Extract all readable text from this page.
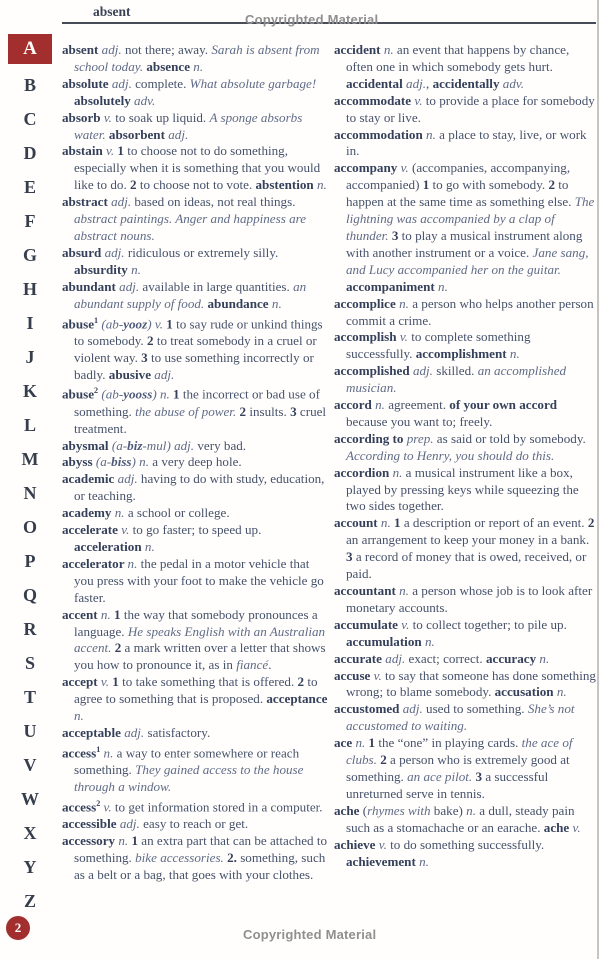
absent
Copyrighted Material
A
B
C
D
E
F
G
H
I
J
K
L
M
N
O
P
Q
R
S
T
U
V
W
X
Y
Z

absent adj. not there; away. Sarah is absent from school today. absence n.

absolute adj. complete. What absolute garbage! absolutely adv.

absorb v. to soak up liquid. A sponge absorbs water. absorbent adj.

abstain v. 1 to choose not to do something, especially when it is something that you would like to do. 2 to choose not to vote. abstention n.

abstract adj. based on ideas, not real things. abstract paintings. Anger and happiness are abstract nouns.

absurd adj. ridiculous or extremely silly. absurdity n.

abundant adj. available in large quantities. an abundant supply of food. abundance n.

abuse$^1$ (ab-yooz) v. 1 to say rude or unkind things to somebody. 2 to treat somebody in a cruel or violent way. 3 to use something incorrectly or badly. abusive adj.

abuse$^2$ (ab-yooss) n. 1 the incorrect or bad use of something. the abuse of power. 2 insults. 3 cruel treatment.

abysmal (a-biz-mul) adj. very bad.

abyss (a-biss) n. a very deep hole.

academic adj. having to do with study, education, or teaching.

academy n. a school or college.

accelerate v. to go faster; to speed up. acceleration n.

accelerator n. the pedal in a motor vehicle that you press with your foot to make the vehicle go faster.

accent n. 1 the way that somebody pronounces a language. He speaks English with an Australian accent. 2 a mark written over a letter that shows you how to pronounce it, as in fiancé.

accept v. 1 to take something that is offered. 2 to agree to something that is proposed. acceptance n.

acceptable adj. satisfactory.

access$^1$ n. a way to enter somewhere or reach something. They gained access to the house through a window.

access$^2$ v. to get information stored in a computer.

accessible adj. easy to reach or get.

accessory n. 1 an extra part that can be attached to something. bike accessories. 2. something, such as a belt or a bag, that goes with your clothes.

accident n. an event that happens by chance, often one in which somebody gets hurt. accidental adj., accidentally adv.

accommodate v. to provide a place for somebody to stay or live.

accommodation n. a place to stay, live, or work in.

accompany v. (accompanies, accompanying, accompanied) 1 to go with somebody. 2 to happen at the same time as something else. The lightning was accompanied by a clap of thunder. 3 to play a musical instrument along with another instrument or a voice. Jane sang, and Lucy accompanied her on the guitar. accompaniment n.

accomplice n. a person who helps another person commit a crime.

accomplish v. to complete something successfully. accomplishment n.

accomplished adj. skilled. an accomplished musician.

accord n. agreement. of your own accord because you want to; freely.

according to prep. as said or told by somebody. According to Henry, you should do this.

accordion n. a musical instrument like a box, played by pressing keys while squeezing the two sides together.

account n. 1 a description or report of an event. 2 an arrangement to keep your money in a bank. 3 a record of money that is owed, received, or paid.

accountant n. a person whose job is to look after monetary accounts.

accumulate v. to collect together; to pile up. accumulation n.

accurate adj. exact; correct. accuracy n.

accuse v. to say that someone has done something wrong; to blame somebody. accusation n.

accustomed adj. used to something. She’s not accustomed to waiting.

ace n. 1 the “one” in playing cards. the ace of clubs. 2 a person who is extremely good at something. an ace pilot. 3 a successful unreturned serve in tennis.

ache (rhymes with bake) n. a dull, steady pain such as a stomachache or an earache. ache v.

achieve v. to do something successfully. achievement n.

2	Copyrighted Material
